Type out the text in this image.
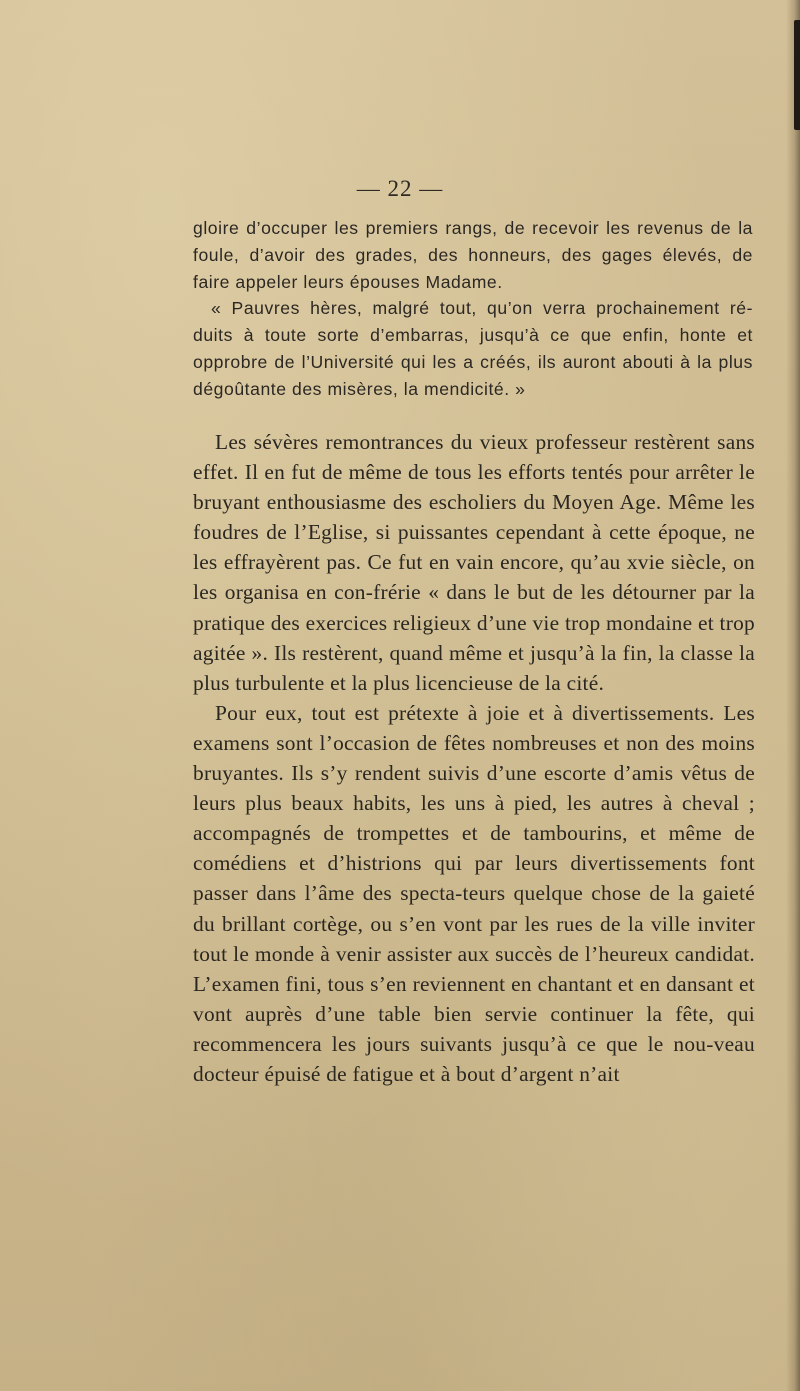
— 22 —

gloire d’occuper les premiers rangs, de recevoir les revenus de la foule, d’avoir des grades, des honneurs, des gages élevés, de faire appeler leurs épouses Madame.

« Pauvres hères, malgré tout, qu’on verra prochainement ré-duits à toute sorte d’embarras, jusqu’à ce que enfin, honte et opprobre de l’Université qui les a créés, ils auront abouti à la plus dégoûtante des misères, la mendicité. »

Les sévères remontrances du vieux professeur restèrent sans effet. Il en fut de même de tous les efforts tentés pour arrêter le bruyant enthousiasme des escholiers du Moyen Age. Même les foudres de l’Eglise, si puissantes cependant à cette époque, ne les effrayèrent pas. Ce fut en vain encore, qu’au xvie siècle, on les organisa en con-frérie « dans le but de les détourner par la pratique des exercices religieux d’une vie trop mondaine et trop agitée ». Ils restèrent, quand même et jusqu’à la fin, la classe la plus turbulente et la plus licencieuse de la cité.

Pour eux, tout est prétexte à joie et à divertissements. Les examens sont l’occasion de fêtes nombreuses et non des moins bruyantes. Ils s’y rendent suivis d’une escorte d’amis vêtus de leurs plus beaux habits, les uns à pied, les autres à cheval ; accompagnés de trompettes et de tambourins, et même de comédiens et d’histrions qui par leurs divertissements font passer dans l’âme des specta-teurs quelque chose de la gaieté du brillant cortège, ou s’en vont par les rues de la ville inviter tout le monde à venir assister aux succès de l’heureux candidat. L’examen fini, tous s’en reviennent en chantant et en dansant et vont auprès d’une table bien servie continuer la fête, qui recommencera les jours suivants jusqu’à ce que le nou-veau docteur épuisé de fatigue et à bout d’argent n’ait
